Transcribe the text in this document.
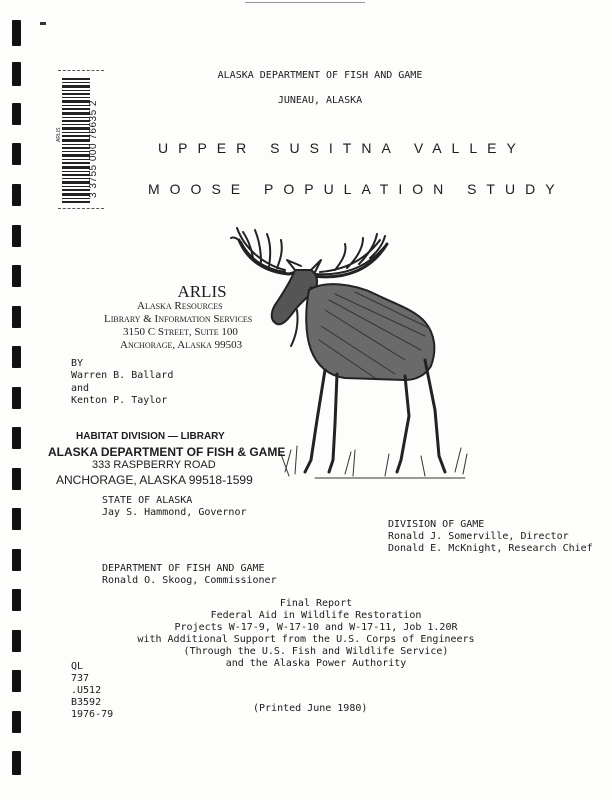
3 3755 000 76635 2
ARLIS
ALASKA DEPARTMENT OF FISH AND GAME
JUNEAU, ALASKA
UPPER SUSITNA VALLEY
MOOSE POPULATION STUDY
ARLIS
Alaska Resources
Library & Information Services
3150 C Street, Suite 100
Anchorage, Alaska 99503
BY
Warren B. Ballard
and
Kenton P. Taylor
HABITAT DIVISION — LIBRARY
ALASKA DEPARTMENT OF FISH & GAME
333 RASPBERRY ROAD
ANCHORAGE, ALASKA 99518-1599
STATE OF ALASKA
Jay S. Hammond, Governor
DIVISION OF GAME
Ronald J. Somerville, Director
Donald E. McKnight, Research Chief
DEPARTMENT OF FISH AND GAME
Ronald O. Skoog, Commissioner
Final Report
Federal Aid in Wildlife Restoration
Projects W-17-9, W-17-10 and W-17-11, Job 1.20R
with Additional Support from the U.S. Corps of Engineers
(Through the U.S. Fish and Wildlife Service)
and the Alaska Power Authority
QL
737
.U512
B3592
1976-79
(Printed June 1980)
